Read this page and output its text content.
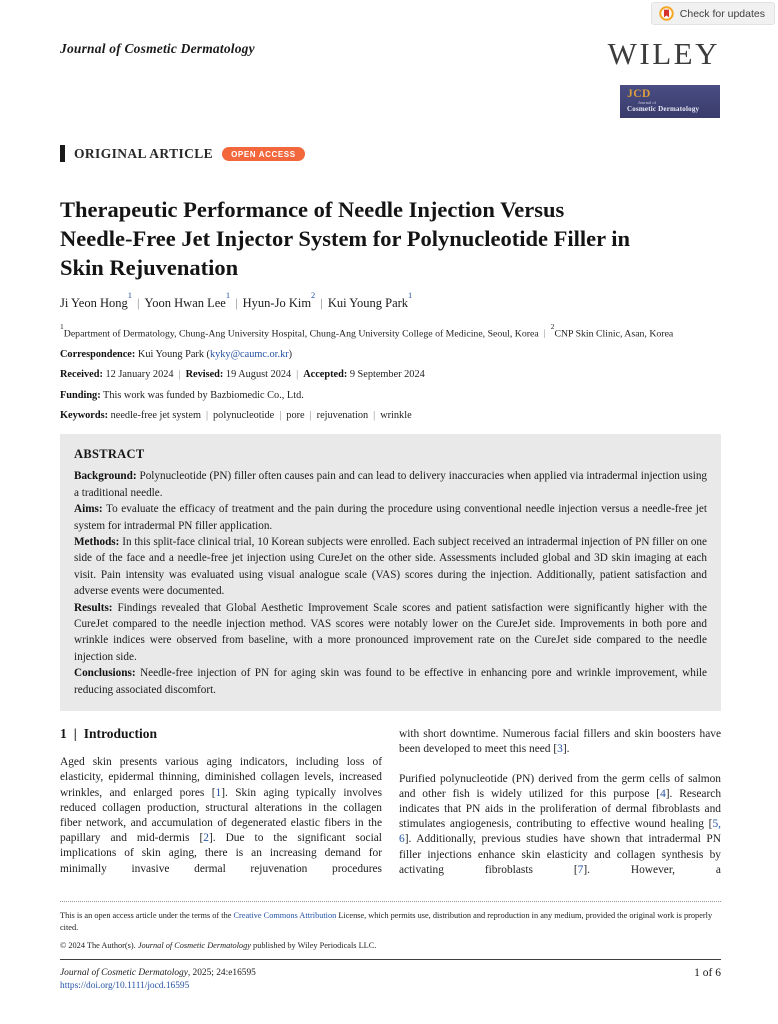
Check for updates
WILEY
JCD
Journal of
Cosmetic Dermatology
Journal of Cosmetic Dermatology
ORIGINAL ARTICLE	OPEN ACCESS
Therapeutic Performance of Needle Injection Versus
Needle-Free Jet Injector System for Polynucleotide Filler in
Skin Rejuvenation
Ji Yeon Hong$^1$| Yoon Hwan Lee$^1$| Hyun-Jo Kim$^2$| Kui Young Park$^1$
$^1$Department of Dermatology, Chung-Ang University Hospital, Chung-Ang University College of Medicine, Seoul, Korea $|^2CNP$ Skin Clinic, Asan, Korea
Correspondence: Kui Young Park (kyky@caumc.or.kr)
Received: 12 January 2024 | Revised: 19 August 2024 | Accepted: 9 September 2024
Funding: This work was funded by Bazbiomedic Co., Ltd.
Keywords: needle-free jet system | polynucleotide | pore | rejuvenation | wrinkle
ABSTRACT
Background: Polynucleotide (PN) filler often causes pain and can lead to delivery inaccuracies when applied via intradermal injection using a traditional needle.
Aims: To evaluate the efficacy of treatment and the pain during the procedure using conventional needle injection versus a needle-free jet system for intradermal PN filler application.
Methods: In this split-face clinical trial, 10 Korean subjects were enrolled. Each subject received an intradermal injection of PN filler on one side of the face and a needle-free jet injection using CureJet on the other side. Assessments included global and 3D skin imaging at each visit. Pain intensity was evaluated using visual analogue scale (VAS) scores during the injection. Additionally, patient satisfaction and adverse events were documented.
Results: Findings revealed that Global Aesthetic Improvement Scale scores and patient satisfaction were significantly higher with the CureJet compared to the needle injection method. VAS scores were notably lower on the CureJet side. Improvements in both pore and wrinkle indices were observed from baseline, with a more pronounced improvement rate on the CureJet side compared to the needle injection side.
Conclusions: Needle-free injection of PN for aging skin was found to be effective in enhancing pore and wrinkle improvement, while reducing associated discomfort.
1 | Introduction

Aged skin presents various aging indicators, including loss of elasticity, epidermal thinning, diminished collagen levels, increased wrinkles, and enlarged pores [1]. Skin aging typically involves reduced collagen production, structural alterations in the collagen fiber network, and accumulation of degenerated elastic fibers in the papillary and mid-dermis [2]. Due to the significant social implications of skin aging, there is an increasing demand for minimally invasive dermal rejuvenation procedures

with short downtime. Numerous facial fillers and skin boosters have been developed to meet this need [3].

Purified polynucleotide (PN) derived from the germ cells of salmon and other fish is widely utilized for this purpose [4]. Research indicates that PN aids in the proliferation of dermal fibroblasts and stimulates angiogenesis, contributing to effective wound healing [5, 6]. Additionally, previous studies have shown that intradermal PN filler injections enhance skin elasticity and collagen synthesis by activating fibroblasts [7]. However, a

This is an open access article under the terms of the Creative Commons Attribution License, which permits use, distribution and reproduction in any medium, provided the original work is properly cited.
© 2024 The Author(s). Journal of Cosmetic Dermatology published by Wiley Periodicals LLC.
Journal of Cosmetic Dermatology, 2025; 24:e16595
https://doi.org/10.1111/jocd.16595
1 of 6
